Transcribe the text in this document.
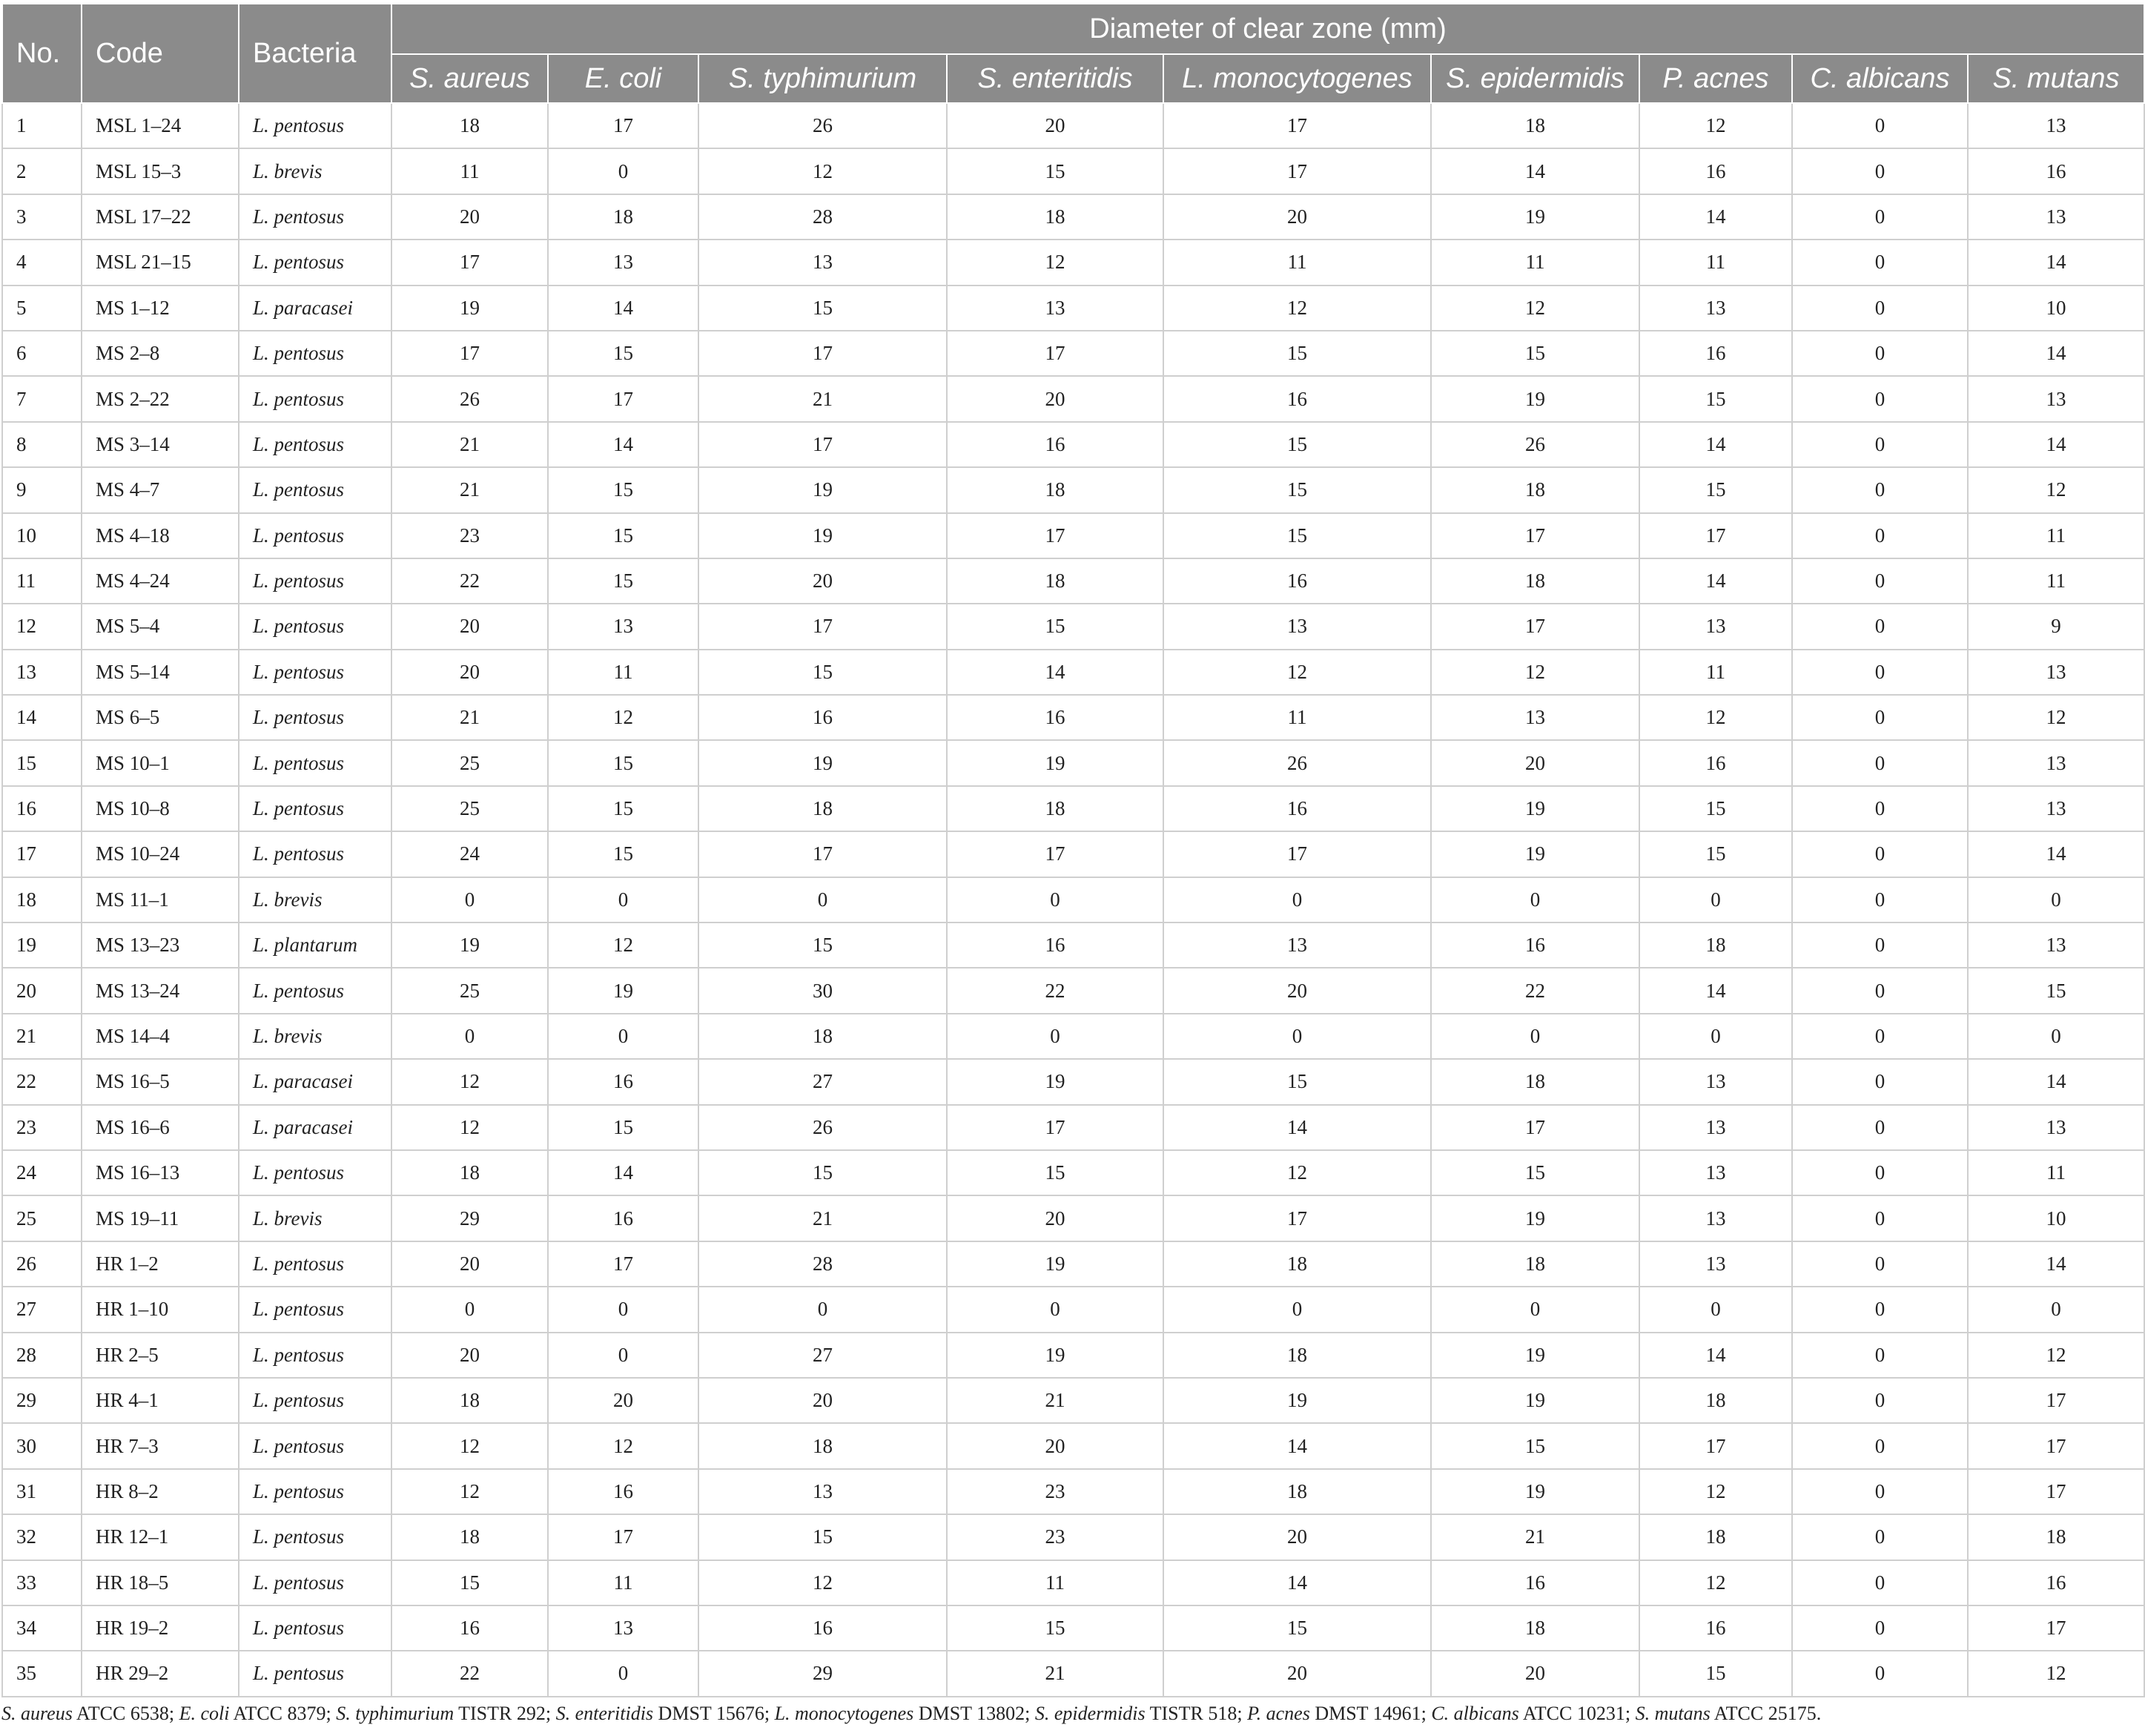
No.	Code	Bacteria	Diameter of clear zone (mm)								
			S. aureus	E. coli	S. typhimurium	S. enteritidis	L. monocytogenes	S. epidermidis	P. acnes	C. albicans	S. mutans
1	MSL 1–24	L. pentosus	18	17	26	20	17	18	12	0	13
2	MSL 15–3	L. brevis	11	0	12	15	17	14	16	0	16
3	MSL 17–22	L. pentosus	20	18	28	18	20	19	14	0	13
4	MSL 21–15	L. pentosus	17	13	13	12	11	11	11	0	14
5	MS 1–12	L. paracasei	19	14	15	13	12	12	13	0	10
6	MS 2–8	L. pentosus	17	15	17	17	15	15	16	0	14
7	MS 2–22	L. pentosus	26	17	21	20	16	19	15	0	13
8	MS 3–14	L. pentosus	21	14	17	16	15	26	14	0	14
9	MS 4–7	L. pentosus	21	15	19	18	15	18	15	0	12
10	MS 4–18	L. pentosus	23	15	19	17	15	17	17	0	11
11	MS 4–24	L. pentosus	22	15	20	18	16	18	14	0	11
12	MS 5–4	L. pentosus	20	13	17	15	13	17	13	0	9
13	MS 5–14	L. pentosus	20	11	15	14	12	12	11	0	13
14	MS 6–5	L. pentosus	21	12	16	16	11	13	12	0	12
15	MS 10–1	L. pentosus	25	15	19	19	26	20	16	0	13
16	MS 10–8	L. pentosus	25	15	18	18	16	19	15	0	13
17	MS 10–24	L. pentosus	24	15	17	17	17	19	15	0	14
18	MS 11–1	L. brevis	0	0	0	0	0	0	0	0	0
19	MS 13–23	L. plantarum	19	12	15	16	13	16	18	0	13
20	MS 13–24	L. pentosus	25	19	30	22	20	22	14	0	15
21	MS 14–4	L. brevis	0	0	18	0	0	0	0	0	0
22	MS 16–5	L. paracasei	12	16	27	19	15	18	13	0	14
23	MS 16–6	L. paracasei	12	15	26	17	14	17	13	0	13
24	MS 16–13	L. pentosus	18	14	15	15	12	15	13	0	11
25	MS 19–11	L. brevis	29	16	21	20	17	19	13	0	10
26	HR 1–2	L. pentosus	20	17	28	19	18	18	13	0	14
27	HR 1–10	L. pentosus	0	0	0	0	0	0	0	0	0
28	HR 2–5	L. pentosus	20	0	27	19	18	19	14	0	12
29	HR 4–1	L. pentosus	18	20	20	21	19	19	18	0	17
30	HR 7–3	L. pentosus	12	12	18	20	14	15	17	0	17
31	HR 8–2	L. pentosus	12	16	13	23	18	19	12	0	17
32	HR 12–1	L. pentosus	18	17	15	23	20	21	18	0	18
33	HR 18–5	L. pentosus	15	11	12	11	14	16	12	0	16
34	HR 19–2	L. pentosus	16	13	16	15	15	18	16	0	17
35	HR 29–2	L. pentosus	22	0	29	21	20	20	15	0	12
S. aureus ATCC 6538; E. coli ATCC 8379; S. typhimurium TISTR 292; S. enteritidis DMST 15676; L. monocytogenes DMST 13802; S. epidermidis TISTR 518; P. acnes DMST 14961; C. albicans ATCC 10231; S. mutans ATCC 25175.
